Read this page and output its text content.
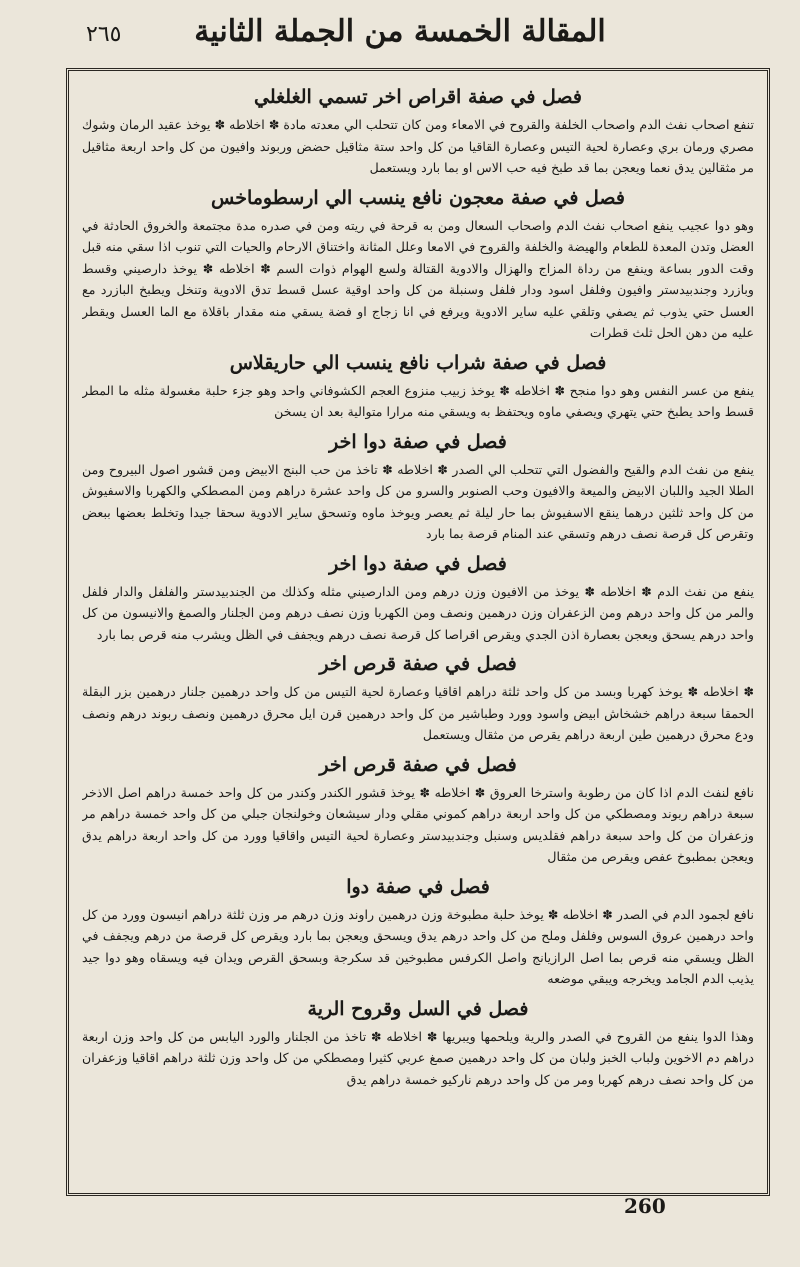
المقالة الخمسة من الجملة الثانية
٢٦٥
فصل في صفة اقراص اخر تسمي الغلغلي

تنفع اصحاب نفث الدم واصحاب الخلفة والقروح في الامعاء ومن كان تتحلب الي معدته مادة ✽ اخلاطه ✽ يوخذ عقيد الرمان وشوك مصري ورمان بري وعصارة لحية التيس وعصارة القاقيا من كل واحد ستة مثاقيل حضض وربوند وافيون من كل واحد اربعة مثاقيل مر مثقالين يدق نعما ويعجن بما قد طبخ فيه حب الاس او بما بارد ويستعمل

فصل في صفة معجون نافع ينسب الي ارسطوماخس

وهو دوا عجيب ينفع اصحاب نفث الدم واصحاب السعال ومن به قرحة في ريته ومن في صدره مدة مجتمعة والخروق الحادثة في العضل وتدن المعدة للطعام والهيضة والخلفة والقروح في الامعا وعلل المثانة واختناق الارحام والحيات التي تنوب اذا سقي منه قبل وقت الدور بساعة وينفع من رداة المزاج والهزال والادوية القتالة ولسع الهوام ذوات السم ✽ اخلاطه ✽ يوخذ دارصيني وقسط وبازرد وجندبيدستر وافيون وفلفل اسود ودار فلفل وسنبلة من كل واحد اوقية عسل قسط تدق الادوية وتنخل ويطبخ البازرد مع العسل حتي يذوب ثم يصفي وتلقي عليه ساير الادوية ويرفع في انا زجاج او فضة يسقي منه مقدار باقلاة مع الما العسل ويقطر عليه من دهن الحل ثلث قطرات

فصل في صفة شراب نافع ينسب الي حاريقلاس

ينفع من عسر النفس وهو دوا منجح ✽ اخلاطه ✽ يوخذ زبيب منزوع العجم الكشوفاني واحد وهو جزء حلبة مغسولة مثله ما المطر قسط واحد يطبخ حتي يتهري ويصفي ماوه ويحتفظ به ويسقي منه مرارا متوالية بعد ان يسخن

فصل في صفة دوا اخر

ينفع من نفث الدم والقيح والفضول التي تتحلب الي الصدر ✽ اخلاطه ✽ تاخذ من حب البنج الابيض ومن قشور اصول البيروح ومن الطلا الجيد واللبان الابيض والميعة والافيون وحب الصنوبر والسرو من كل واحد عشرة دراهم ومن المصطكي والكهربا والاسفيوش من كل واحد ثلثين درهما ينقع الاسفيوش بما حار ليلة ثم يعصر ويوخذ ماوه وتسحق ساير الادوية سحقا جيدا وتخلط بعضها ببعض وتقرص كل قرصة نصف درهم وتسقي عند المنام قرصة بما بارد

فصل في صفة دوا اخر

ينفع من نفث الدم ✽ اخلاطه ✽ يوخذ من الافيون وزن درهم ومن الدارصيني مثله وكذلك من الجندبيدستر والفلفل والدار فلفل والمر من كل واحد درهم ومن الزعفران وزن درهمين ونصف ومن الكهربا وزن نصف درهم ومن الجلنار والصمغ والانيسون من كل واحد درهم يسحق ويعجن بعصارة اذن الجدي ويقرص اقراصا كل قرصة نصف درهم ويجفف في الظل ويشرب منه قرص بما بارد

فصل في صفة قرص اخر

✽ اخلاطه ✽ يوخذ كهربا وبسد من كل واحد ثلثة دراهم اقاقيا وعصارة لحية التيس من كل واحد درهمين جلنار درهمين بزر البقلة الحمقا سبعة دراهم خشخاش ابيض واسود وورد وطباشير من كل واحد درهمين قرن ايل محرق درهمين ونصف ربوند درهم ونصف ودع محرق درهمين طين اربعة دراهم يقرص من مثقال ويستعمل

فصل في صفة قرص اخر

نافع لنفث الدم اذا كان من رطوبة واسترخا العروق ✽ اخلاطه ✽ يوخذ قشور الكندر وكندر من كل واحد خمسة دراهم اصل الاذخر سبعة دراهم ربوند ومصطكي من كل واحد اربعة دراهم كموني مقلي ودار سيشعان وخولنجان جبلي من كل واحد خمسة دراهم مر وزعفران من كل واحد سبعة دراهم فقلديس وسنبل وجندبيدستر وعصارة لحية التيس واقاقيا وورد من كل واحد اربعة دراهم يدق ويعجن بمطبوخ عفص ويقرص من مثقال

فصل في صفة دوا

نافع لجمود الدم في الصدر ✽ اخلاطه ✽ يوخذ حلبة مطبوخة وزن درهمين راوند وزن درهم مر وزن ثلثة دراهم انيسون وورد من كل واحد درهمين عروق السوس وفلفل وملح من كل واحد درهم يدق ويسحق ويعجن بما بارد ويقرص كل قرصة من درهم ويجفف في الظل ويسقي منه قرص بما اصل الرازيانج واصل الكرفس مطبوخين قد سكرجة وبسحق القرص ويدان فيه ويسقاه وهو دوا جيد يذيب الدم الجامد ويخرجه ويبقي موضعه

فصل في السل وقروح الرية

وهذا الدوا ينفع من القروح في الصدر والرية ويلحمها ويبريها ✽ اخلاطه ✽ تاخذ من الجلنار والورد اليابس من كل واحد وزن اربعة دراهم دم الاخوين ولباب الخبز ولبان من كل واحد درهمين صمغ عربي كثيرا ومصطكي من كل واحد وزن ثلثة دراهم اقاقيا وزعفران من كل واحد نصف درهم كهربا ومر من كل واحد درهم ناركيو خمسة دراهم يدق

260
